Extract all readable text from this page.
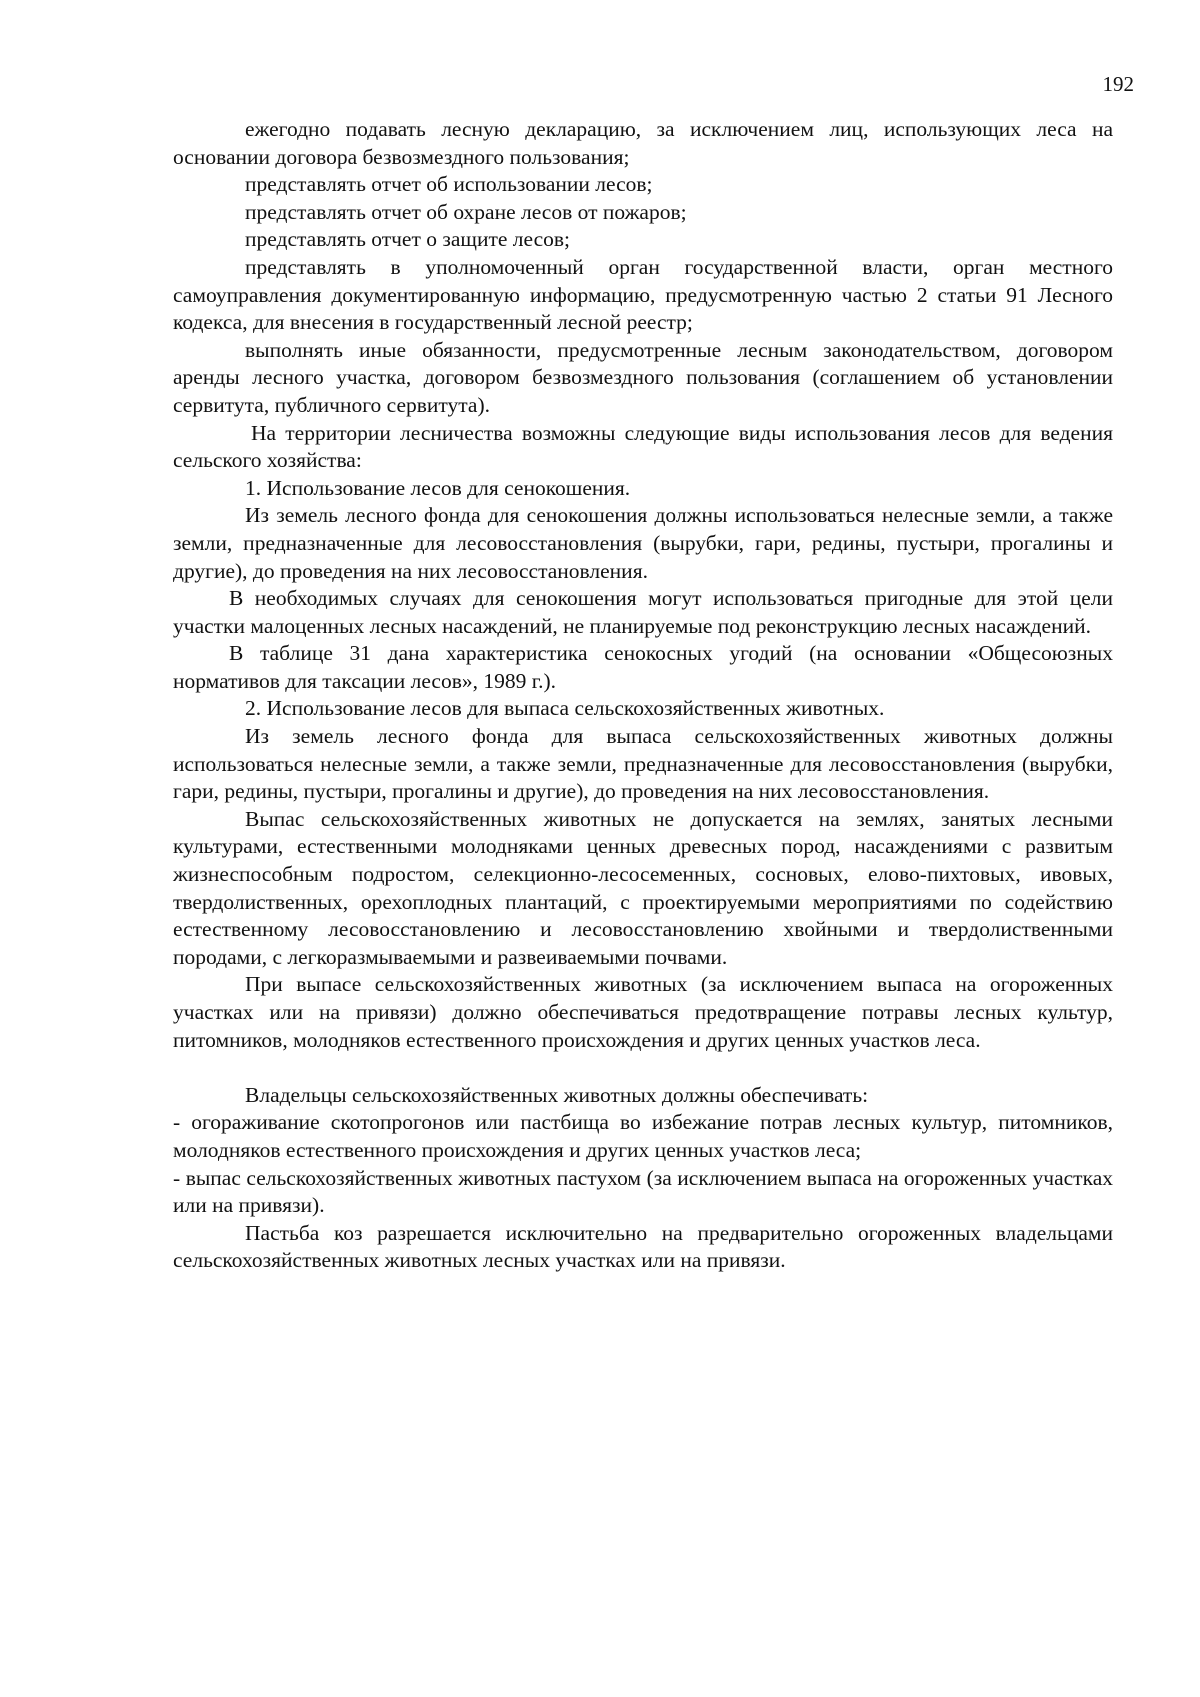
192

ежегодно подавать лесную декларацию, за исключением лиц, использующих леса на основании договора безвозмездного пользования;

представлять отчет об использовании лесов;

представлять отчет об охране лесов от пожаров;

представлять отчет о защите лесов;

представлять в уполномоченный орган государственной власти, орган местного самоуправления документированную информацию, предусмотренную частью 2 статьи 91 Лесного кодекса, для внесения в государственный лесной реестр;

выполнять иные обязанности, предусмотренные лесным законодательством, договором аренды лесного участка, договором безвозмездного пользования (соглашением об установлении сервитута, публичного сервитута).

На территории лесничества возможны следующие виды использования лесов для ведения сельского хозяйства:

1. Использование лесов для сенокошения.

Из земель лесного фонда для сенокошения должны использоваться нелесные земли, а также земли, предназначенные для лесовосстановления (вырубки, гари, редины, пустыри, прогалины и другие), до проведения на них лесовосстановления.

В необходимых случаях для сенокошения могут использоваться пригодные для этой цели участки малоценных лесных насаждений, не планируемые под реконструкцию лесных насаждений.

В таблице 31 дана характеристика сенокосных угодий (на основании «Общесоюзных нормативов для таксации лесов», 1989 г.).

2. Использование лесов для выпаса сельскохозяйственных животных.

Из земель лесного фонда для выпаса сельскохозяйственных животных должны использоваться нелесные земли, а также земли, предназначенные для лесовосстановления (вырубки, гари, редины, пустыри, прогалины и другие), до проведения на них лесовосстановления.

Выпас сельскохозяйственных животных не допускается на землях, занятых лесными культурами, естественными молодняками ценных древесных пород, насаждениями с развитым жизнеспособным подростом, селекционно-лесосеменных, сосновых, елово-пихтовых, ивовых, твердолиственных, орехоплодных плантаций, с проектируемыми мероприятиями по содействию естественному лесовосстановлению и лесовосстановлению хвойными и твердолиственными породами, с легкоразмываемыми и развеиваемыми почвами.

При выпасе сельскохозяйственных животных (за исключением выпаса на огороженных участках или на привязи) должно обеспечиваться предотвращение потравы лесных культур, питомников, молодняков естественного происхождения и других ценных участков леса.

Владельцы сельскохозяйственных животных должны обеспечивать:

- огораживание скотопрогонов или пастбища во избежание потрав лесных культур, питомников, молодняков естественного происхождения и других ценных участков леса;

- выпас сельскохозяйственных животных пастухом (за исключением выпаса на огороженных участках или на привязи).

Пастьба коз разрешается исключительно на предварительно огороженных владельцами сельскохозяйственных животных лесных участках или на привязи.
